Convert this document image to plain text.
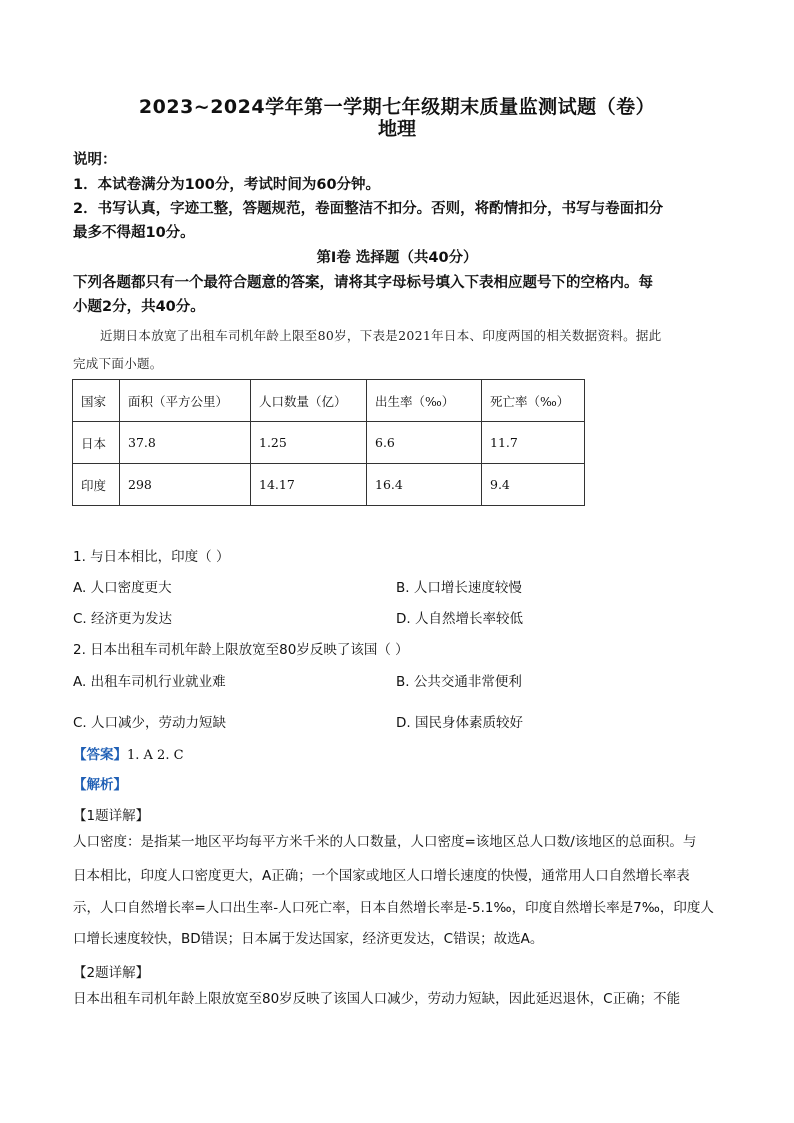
2023~2024学年第一学期七年级期末质量监测试题（卷）
地理
说明：
1．本试卷满分为100分，考试时间为60分钟。
2．书写认真，字迹工整，答题规范，卷面整洁不扣分。否则，将酌情扣分，书写与卷面扣分
最多不得超10分。
第Ⅰ卷 选择题（共40分）
下列各题都只有一个最符合题意的答案，请将其字母标号填入下表相应题号下的空格内。每
小题2分，共40分。
近期日本放宽了出租车司机年龄上限至80岁，下表是2021年日本、印度两国的相关数据资料。据此
完成下面小题。
国家	面积（平方公里）	人口数量（亿）	出生率（‰）	死亡率（‰）
日本	37.8	1.25	6.6	11.7
印度	298	14.17	16.4	9.4
1. 与日本相比，印度（ ）
A. 人口密度更大	B. 人口增长速度较慢
C. 经济更为发达	D. 人自然增长率较低
2. 日本出租车司机年龄上限放宽至80岁反映了该国（ ）
A. 出租车司机行业就业难	B. 公共交通非常便利
C. 人口减少，劳动力短缺	D. 国民身体素质较好
【答案】1. A 2. C
【解析】
【1题详解】
人口密度：是指某一地区平均每平方米千米的人口数量，人口密度=该地区总人口数/该地区的总面积。与
日本相比，印度人口密度更大，A正确；一个国家或地区人口增长速度的快慢，通常用人口自然增长率表
示，人口自然增长率=人口出生率-人口死亡率，日本自然增长率是-5.1‰，印度自然增长率是7‰，印度人
口增长速度较快，BD错误；日本属于发达国家，经济更发达，C错误；故选A。
【2题详解】
日本出租车司机年龄上限放宽至80岁反映了该国人口减少，劳动力短缺，因此延迟退休，C正确；不能
